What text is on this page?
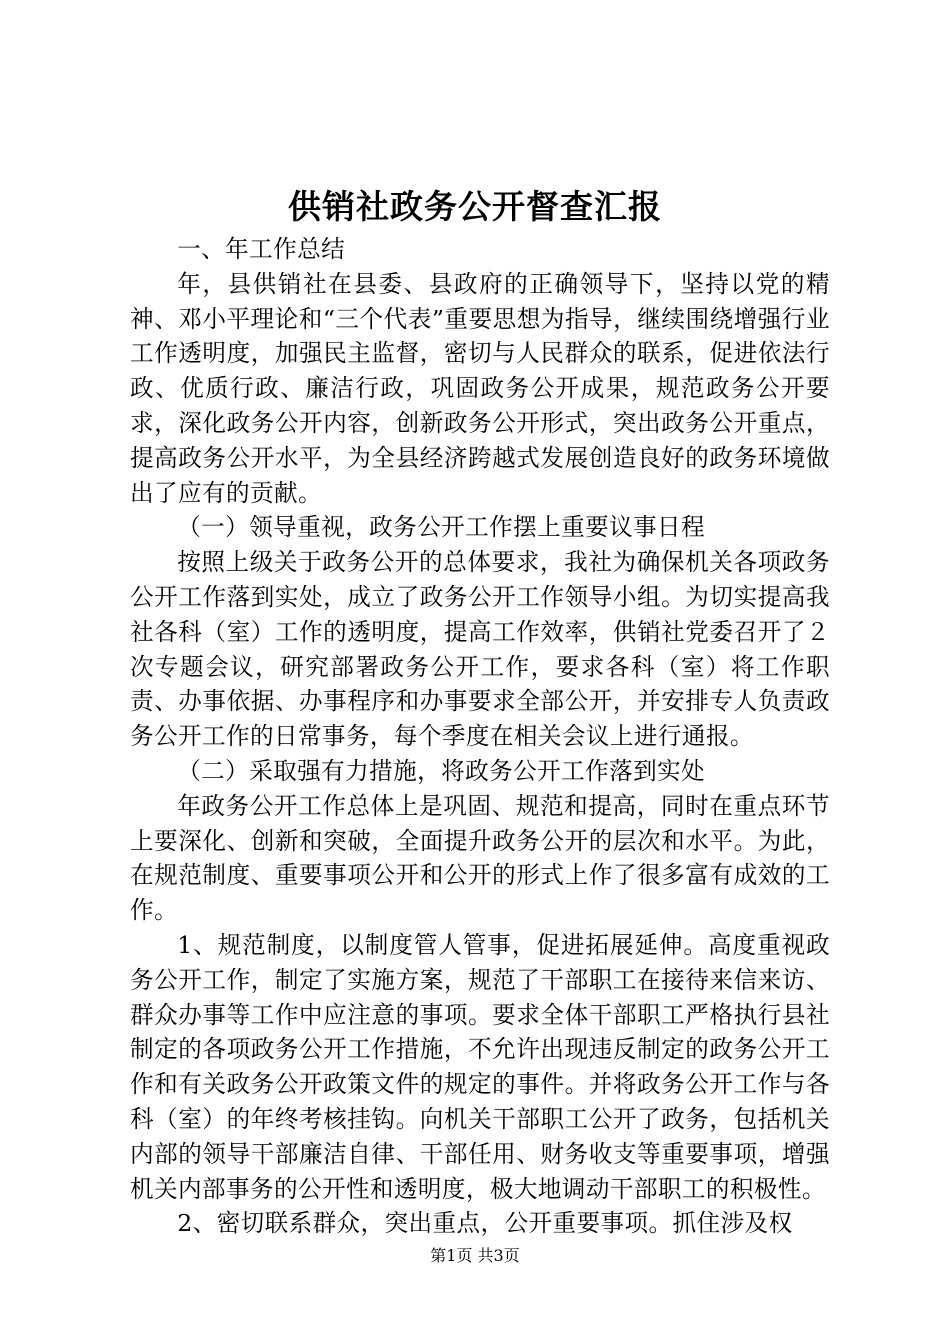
供销社政务公开督查汇报

一、年工作总结

年，县供销社在县委、县政府的正确领导下，坚持以党的精神、邓小平理论和“三个代表”重要思想为指导，继续围绕增强行业工作透明度，加强民主监督，密切与人民群众的联系，促进依法行政、优质行政、廉洁行政，巩固政务公开成果，规范政务公开要求，深化政务公开内容，创新政务公开形式，突出政务公开重点，提高政务公开水平，为全县经济跨越式发展创造良好的政务环境做出了应有的贡献。

（一）领导重视，政务公开工作摆上重要议事日程

按照上级关于政务公开的总体要求，我社为确保机关各项政务公开工作落到实处，成立了政务公开工作领导小组。为切实提高我社各科（室）工作的透明度，提高工作效率，供销社党委召开了２次专题会议，研究部署政务公开工作，要求各科（室）将工作职责、办事依据、办事程序和办事要求全部公开，并安排专人负责政务公开工作的日常事务，每个季度在相关会议上进行通报。

（二）采取强有力措施，将政务公开工作落到实处

年政务公开工作总体上是巩固、规范和提高，同时在重点环节上要深化、创新和突破，全面提升政务公开的层次和水平。为此，在规范制度、重要事项公开和公开的形式上作了很多富有成效的工作。

1、规范制度，以制度管人管事，促进拓展延伸。高度重视政务公开工作，制定了实施方案，规范了干部职工在接待来信来访、群众办事等工作中应注意的事项。要求全体干部职工严格执行县社制定的各项政务公开工作措施，不允许出现违反制定的政务公开工作和有关政务公开政策文件的规定的事件。并将政务公开工作与各科（室）的年终考核挂钩。向机关干部职工公开了政务，包括机关内部的领导干部廉洁自律、干部任用、财务收支等重要事项，增强机关内部事务的公开性和透明度，极大地调动干部职工的积极性。

2、密切联系群众，突出重点，公开重要事项。抓住涉及权

第1页 共3页
